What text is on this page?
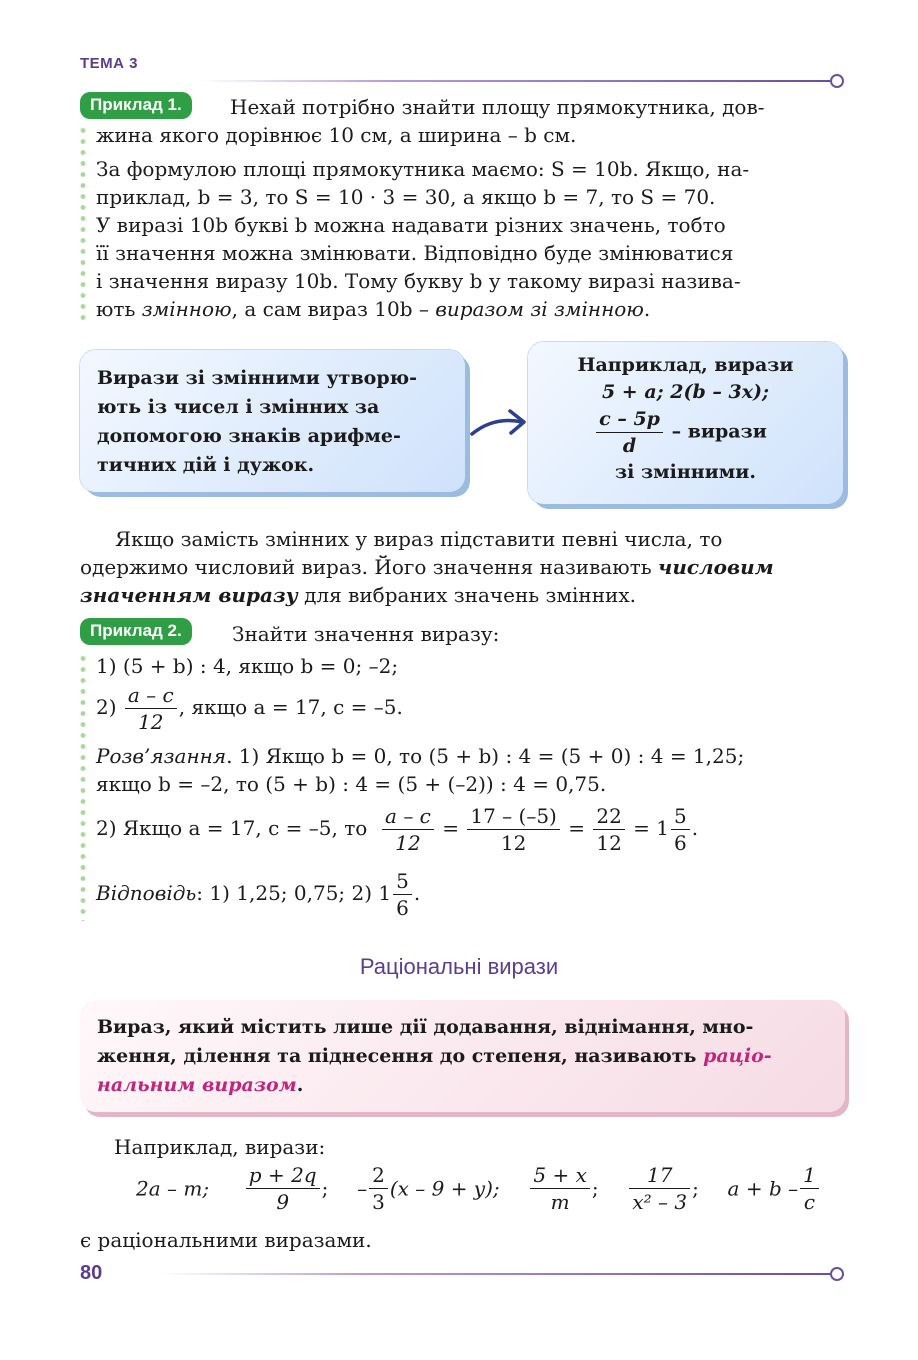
ТЕМА 3
Приклад 1.	Нехай потрібно знайти площу прямокутника, дов-
жина якого дорівнює 10 см, а ширина – b см.
За формулою площі прямокутника маємо: S = 10b. Якщо, на-
приклад, b = 3, то S = 10 · 3 = 30, а якщо b = 7, то S = 70.
У виразі 10b букві b можна надавати різних значень, тобто
її значення можна змінювати. Відповідно буде змінюватися
і значення виразу 10b. Тому букву b у такому виразі назива-
ють змінною, а сам вираз 10b – виразом зі змінною.
Вирази зі змінними утворю-
ють із чисел і змінних за
допомогою знаків арифме-
тичних дій і дужок.
Наприклад, вирази
5 + a; 2(b – 3x);
$\frac{c - 5p}{d}$ – вирази
зі змінними.
Якщо замість змінних у вираз підставити певні числа, то
одержимо числовий вираз. Його значення називають числовим
значенням виразу для вибраних значень змінних.
Приклад 2.	Знайти значення виразу:
1) (5 + b) : 4, якщо b = 0; –2;
$2) \frac{a - c}{12}$ , якщо a = 17, c = –5.
Розв’язання. 1) Якщо b = 0, то (5 + b) : 4 = (5 + 0) : 4 = 1,25;
якщо b = –2, то (5 + b) : 4 = (5 + (–2)) : 4 = 0,75.
2) Якщо a = 17, c = –5, то $\frac{a - c}{12} = \frac{17 - (-5)}{12} = \frac{22}{12} = 1 \frac{5}{6}$ .
Відповідь: 1) 1,25; 0,75; 2) $1 \frac{5}{6}$ .
Раціональні вирази
Вираз, який містить лише дії додавання, віднімання, мно-
ження, ділення та піднесення до степеня, називають раціо-
нальним виразом.
Наприклад, вирази:
2a – m; $\frac{p + 2q}{9}$ ; – $\frac{2}{3} (x - 9 + y)$; $\frac{5 + x}{m}$ ; $\frac{17}{\text{x² – 3}}$ ; $a + b - \frac{1}{c}$
є раціональними виразами.
80
